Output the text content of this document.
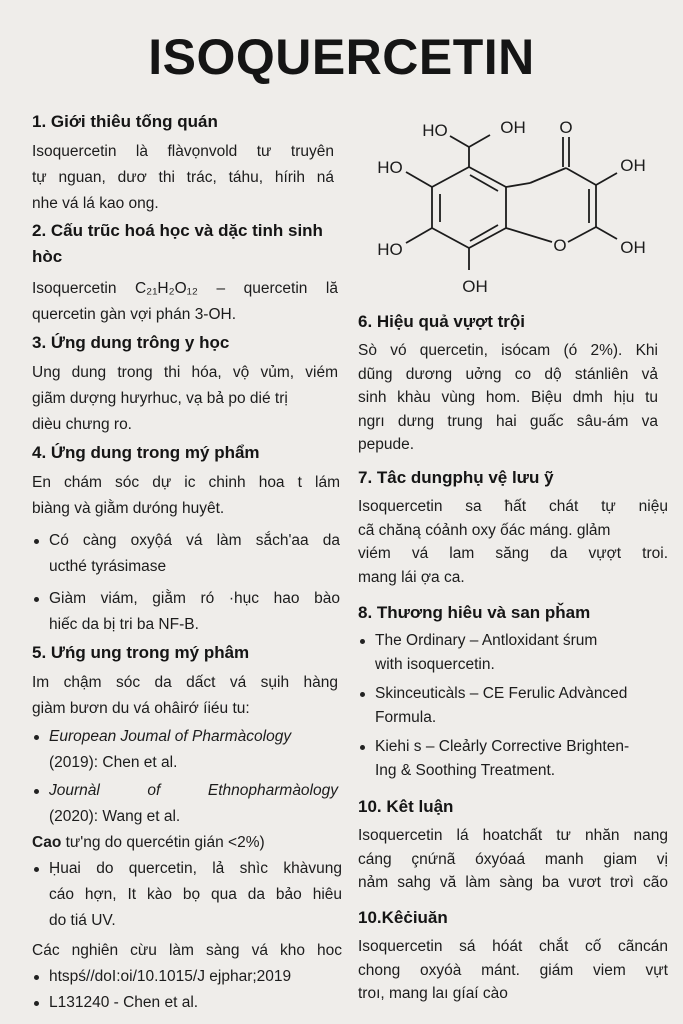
ISOQUERCETIN
HO	OH O
HO	OH
HO	OH
O
OH
1. Giới thiêu tống quán
Isoquercetin là flàvọnvold tư truyên
tự nguan, dươ thi trác, táhu, hírih ná
nhe vá lá kao ong.
2. Cấu trũc hoá học và dặc tinh sinh
hòc
Isoquercetin C₂₁H₂O₁₂ – quercetin lă
quercetin gàn vợi phán 3-OH.
3. Ứng dung trông y học
Ung dung trong thi hóa, vộ vủm, viém
giãm dượng hưyrhuc, vạ bả po dié trị
dièu chưng ro.
4. Ứng dung trong mý phẩm
En chám sóc dự ic chinh hoa t lám
biàng và giằm dưóng huyêt.
Có càng oxyộá vá làm sắch'aa da
ucthé tyrásimase
Giàm viám, giằm ró ·hục hao bào
hiếc da bị tri ba NF-B.
5. Ưńg ung trong mý phâm
Im chậm sóc da dấct vá sụih hàng
giàm bươn du vá ohâirớ íiéu tu:
European Joumal of Pharmàcology
(2019): Chen et al.
Journàl of Ethnopharmàology
(2020): Wang et al.
Cao tư'ng do quercétin gián <2%)
Ḥuai do quercetin, lả shìc khàvung
cáo hợn, It kào bọ qua da bảo hiêu
do tiá UV.
Các nghiên cừu làm sàng vá kho hoc
htspś//doI:oi/10.1015/J ejphar;2019
L131240 - Chen et al.
6. Hiệu quả vựợt trội
Sò vó quercetin, isócam (ó 2%). Khi
dũng dương uởng co dộ stánliên vả
sinh khàu vùng hom. Biệu dmh hịu tu
ngrı dưng trung hai guấc sâu-ám va
pepude.
7. Tâc dungphụ vệ lưu ỹ
Isoquercetin sa ħất chát tự niệụ
cã chăną cóảnh oxy ốác máng. glảm
viém vá lam săng da vựợt troi.
mang lái ợa ca.
8. Thương hiêu và san pȟam
The Ordinary – Antloxidant śrum
with isoquercetin.
Skinceuticàls – CE Ferulic Advànced
Formula.
Kiehi s – Cleảrly Corrective Brighten-
Ing & Soothing Treatment.
10. Kêt luận
Isoquercetin lá hoatchất tư nhăn nang
cáng çnứnã óxyóaá manh giam vị
nảm sahg vă làm sàng ba vươt trơì cão
10.Kêċiuăn
Isoquercetin sá hóát chắt cố cãncán
chong oxyóà mánt. giám viem vựt
troı, mang laı gíaí cào
